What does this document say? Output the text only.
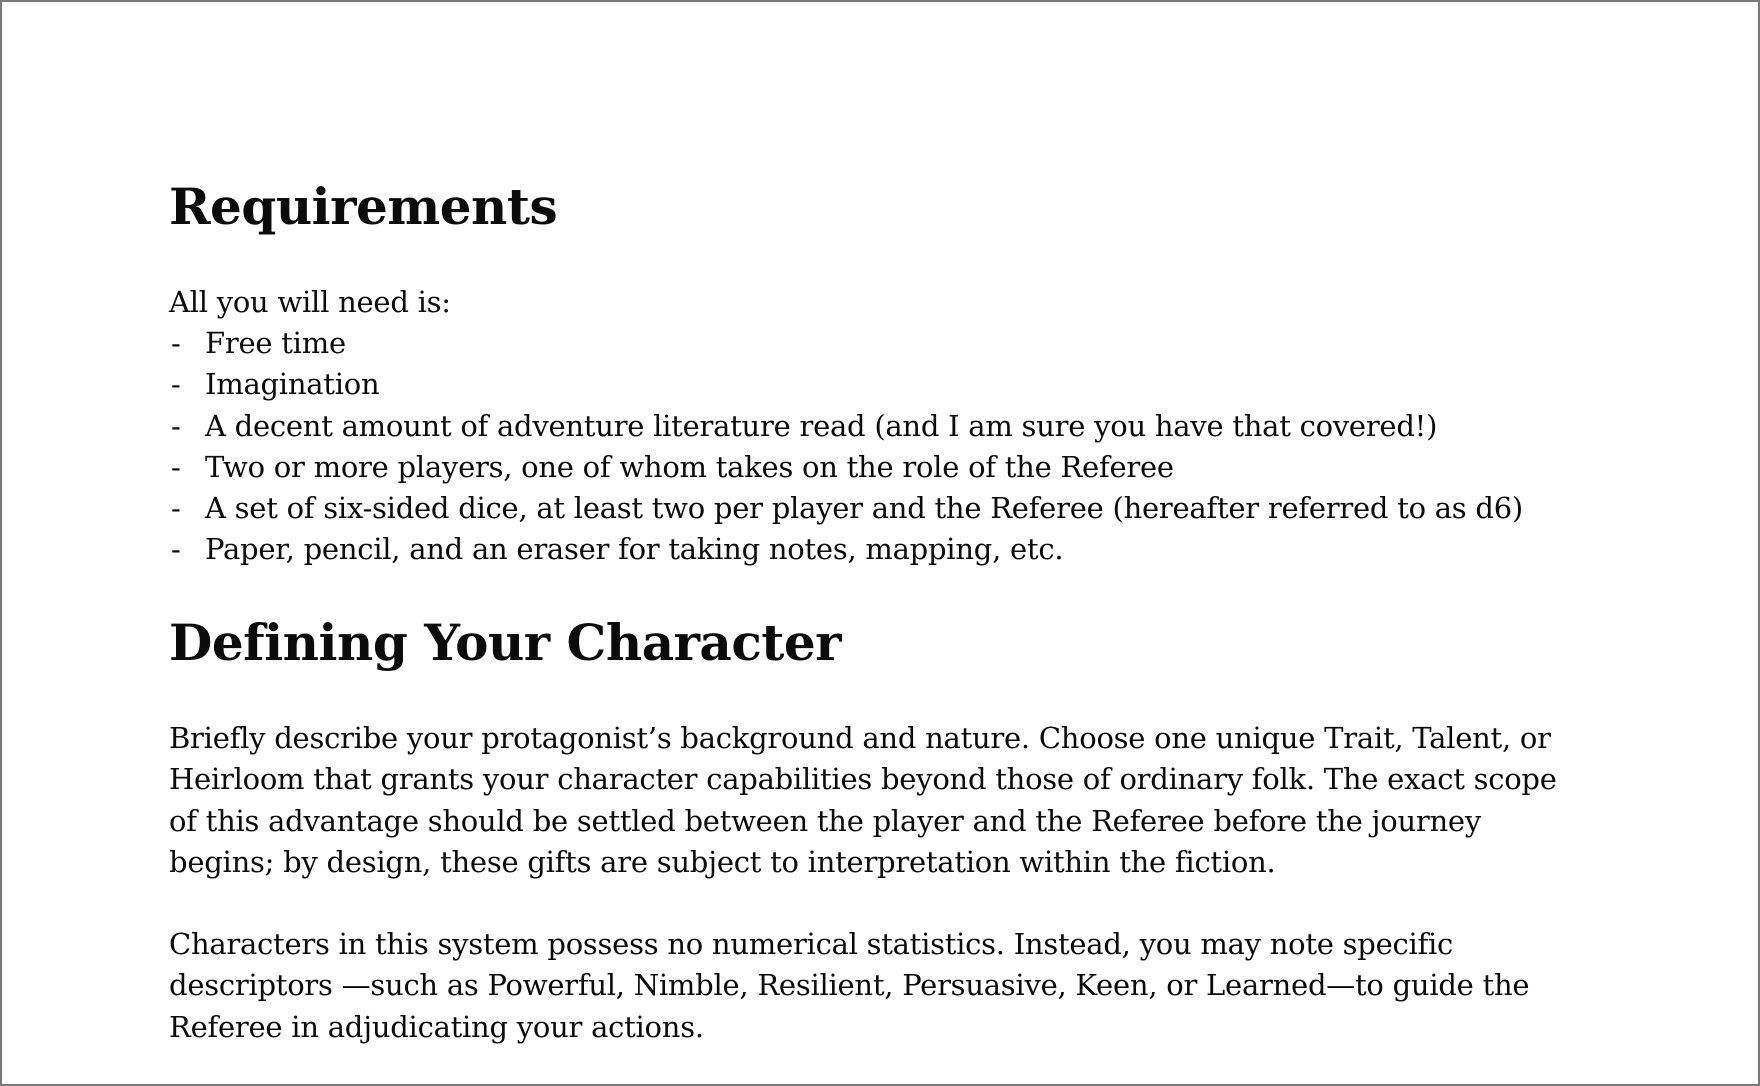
Requirements

All you will need is:

- Free time
- Imagination
- A decent amount of adventure literature read (and I am sure you have that covered!)
- Two or more players, one of whom takes on the role of the Referee
- A set of six-sided dice, at least two per player and the Referee (hereafter referred to as d6)
- Paper, pencil, and an eraser for taking notes, mapping, etc.
Defining Your Character

Briefly describe your protagonist’s background and nature. Choose one unique Trait, Talent, or Heirloom that grants your character capabilities beyond those of ordinary folk. The exact scope of this advantage should be settled between the player and the Referee before the journey begins; by design, these gifts are subject to interpretation within the fiction.

Characters in this system possess no numerical statistics. Instead, you may note specific descriptors —such as Powerful, Nimble, Resilient, Persuasive, Keen, or Learned—to guide the Referee in adjudicating your actions.
